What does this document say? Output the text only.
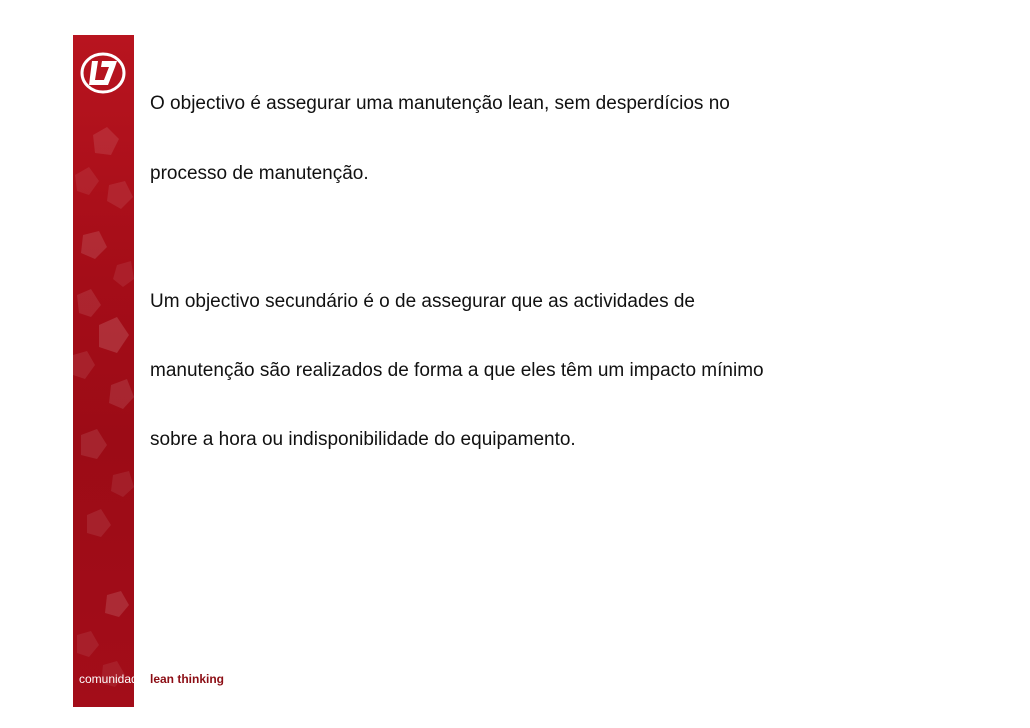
comunidade lean thinking

O objectivo é assegurar uma manutenção lean, sem desperdícios no

processo de manutenção.

Um objectivo secundário é o de assegurar que as actividades de

manutenção são realizados de forma a que eles têm um impacto mínimo

sobre a hora ou indisponibilidade do equipamento.
